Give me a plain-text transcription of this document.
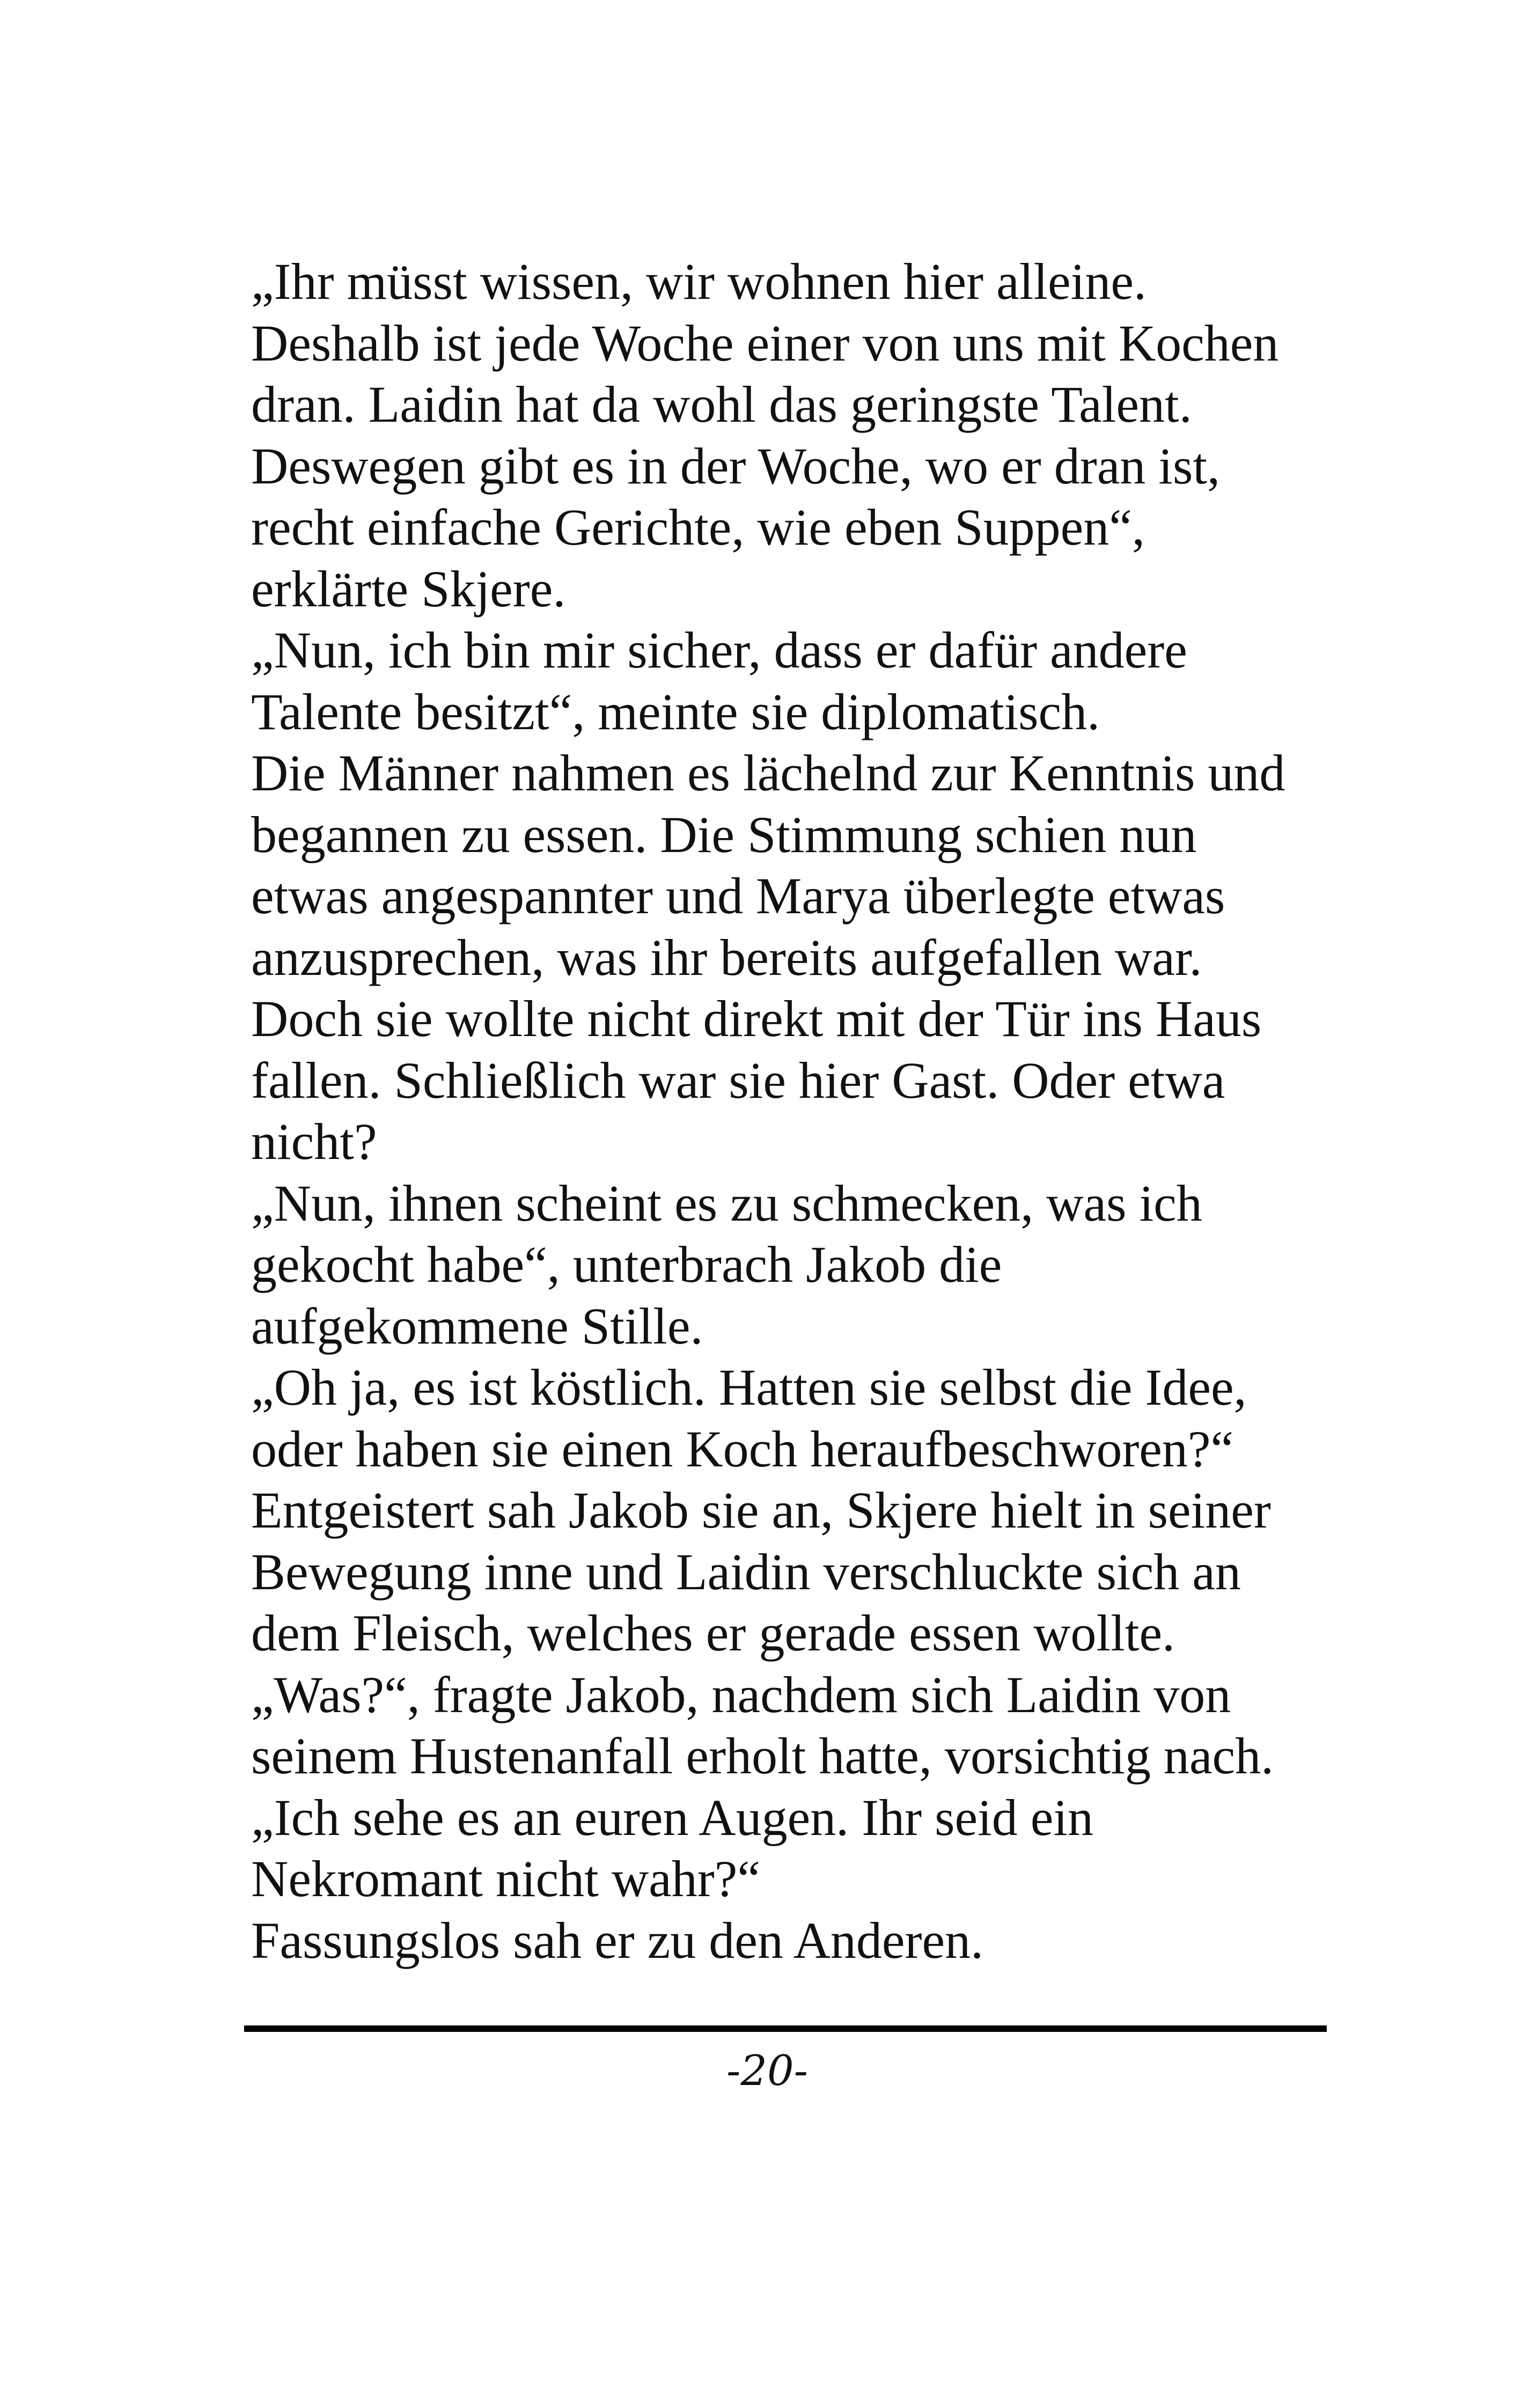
„Ihr müsst wissen, wir wohnen hier alleine.
Deshalb ist jede Woche einer von uns mit Kochen
dran. Laidin hat da wohl das geringste Talent.
Deswegen gibt es in der Woche, wo er dran ist,
recht einfache Gerichte, wie eben Suppen“,
erklärte Skjere.
„Nun, ich bin mir sicher, dass er dafür andere
Talente besitzt“, meinte sie diplomatisch.
Die Männer nahmen es lächelnd zur Kenntnis und
begannen zu essen. Die Stimmung schien nun
etwas angespannter und Marya überlegte etwas
anzusprechen, was ihr bereits aufgefallen war.
Doch sie wollte nicht direkt mit der Tür ins Haus
fallen. Schließlich war sie hier Gast. Oder etwa
nicht?
„Nun, ihnen scheint es zu schmecken, was ich
gekocht habe“, unterbrach Jakob die
aufgekommene Stille.
„Oh ja, es ist köstlich. Hatten sie selbst die Idee,
oder haben sie einen Koch heraufbeschworen?“
Entgeistert sah Jakob sie an, Skjere hielt in seiner
Bewegung inne und Laidin verschluckte sich an
dem Fleisch, welches er gerade essen wollte.
„Was?“, fragte Jakob, nachdem sich Laidin von
seinem Hustenanfall erholt hatte, vorsichtig nach.
„Ich sehe es an euren Augen. Ihr seid ein
Nekromant nicht wahr?“
Fassungslos sah er zu den Anderen.
-20-
